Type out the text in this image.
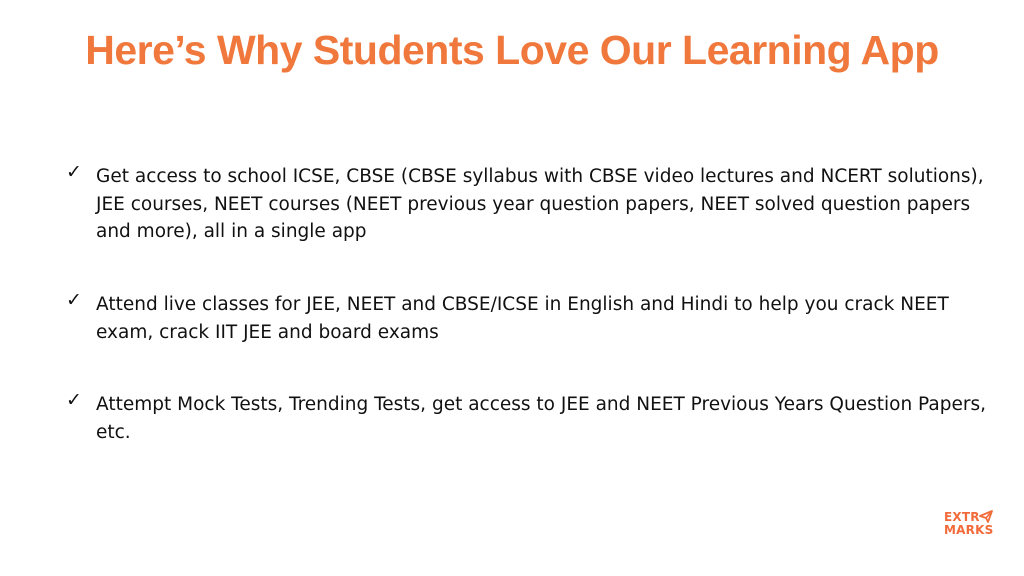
Here’s Why Students Love Our Learning App
✓ Get access to school ICSE, CBSE (CBSE syllabus with CBSE video lectures and NCERT solutions), JEE courses, NEET courses (NEET previous year question papers, NEET solved question papers and more), all in a single app

✓ Attend live classes for JEE, NEET and CBSE/ICSE in English and Hindi to help you crack NEET exam, crack IIT JEE and board exams

✓ Attempt Mock Tests, Trending Tests, get access to JEE and NEET Previous Years Question Papers, etc.

EXTR
MARKS
